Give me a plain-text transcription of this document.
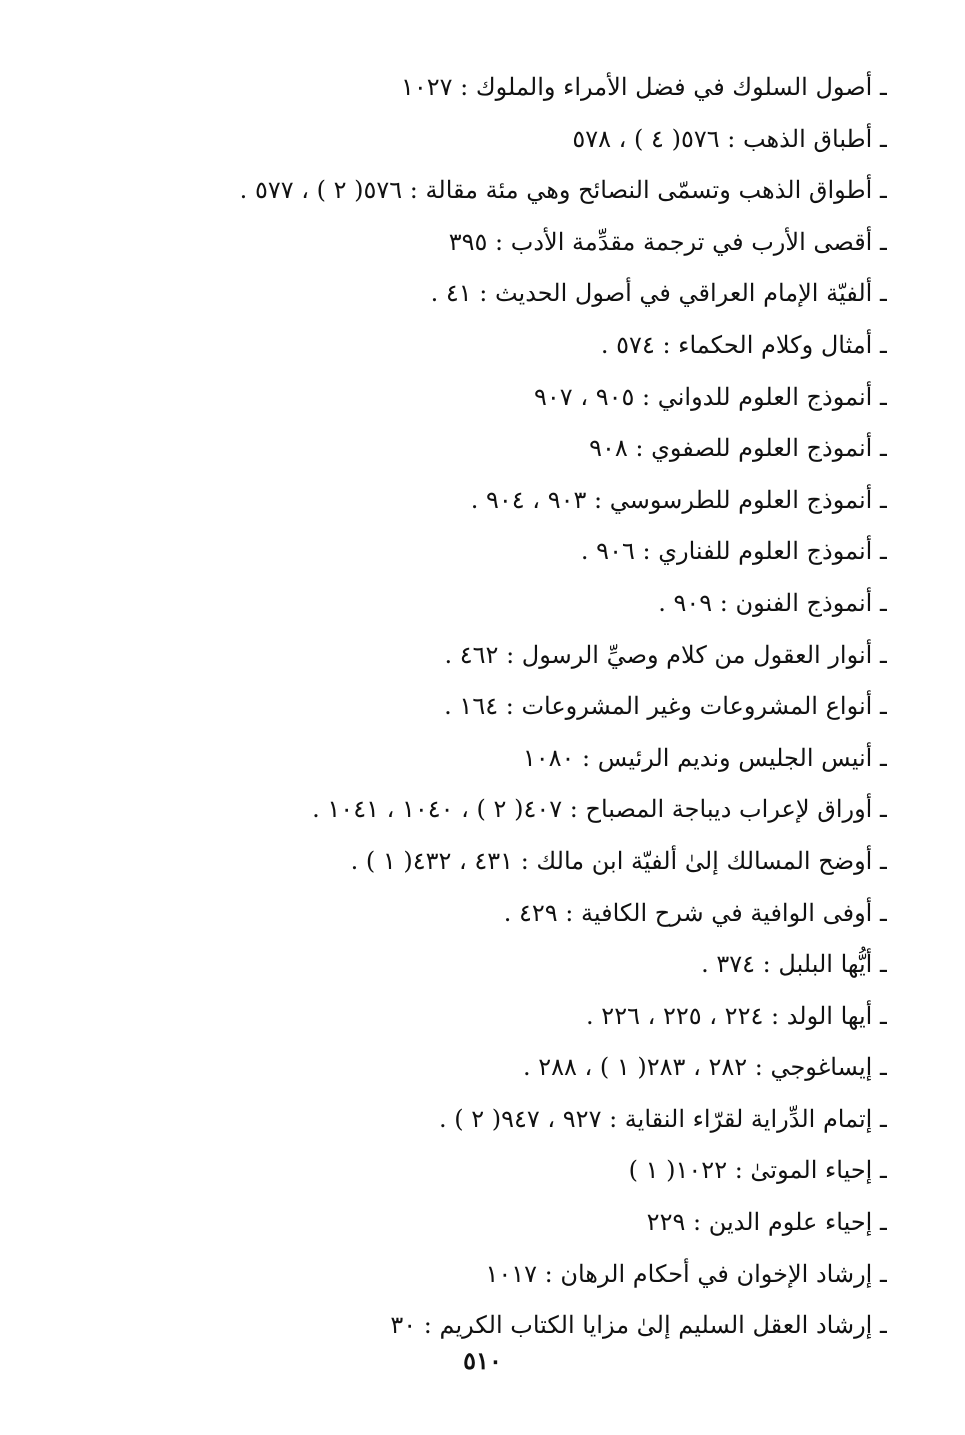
ـ أصول السلوك في فضل الأمراء والملوك : ١٠٢٧
ـ أطباق الذهب : ٥٧٦( ٤ ) ، ٥٧٨
ـ أطواق الذهب وتسمّى النصائح وهي مئة مقالة : ٥٧٦( ٢ ) ، ٥٧٧ .
ـ أقصى الأرب في ترجمة مقدِّمة الأدب : ٣٩٥
ـ ألفيّة الإمام العراقي في أصول الحديث : ٤١ .
ـ أمثال وكلام الحكماء : ٥٧٤ .
ـ أنموذج العلوم للدواني : ٩٠٥ ، ٩٠٧
ـ أنموذج العلوم للصفوي : ٩٠٨
ـ أنموذج العلوم للطرسوسي : ٩٠٣ ، ٩٠٤ .
ـ أنموذج العلوم للفناري : ٩٠٦ .
ـ أنموذج الفنون : ٩٠٩ .
ـ أنوار العقول من كلام وصيِّ الرسول : ٤٦٢ .
ـ أنواع المشروعات وغير المشروعات : ١٦٤ .
ـ أنيس الجليس ونديم الرئيس : ١٠٨٠
ـ أوراق لإعراب ديباجة المصباح : ٤٠٧( ٢ ) ، ١٠٤٠ ، ١٠٤١ .
ـ أوضح المسالك إلىٰ ألفيّة ابن مالك : ٤٣١ ، ٤٣٢( ١ ) .
ـ أوفى الوافية في شرح الكافية : ٤٢٩ .
ـ أيُّها البلبل : ٣٧٤ .
ـ أيها الولد : ٢٢٤ ، ٢٢٥ ، ٢٢٦ .
ـ إيساغوجي : ٢٨٢ ، ٢٨٣( ١ ) ، ٢٨٨ .
ـ إتمام الدِّراية لقرّاء النقاية : ٩٢٧ ، ٩٤٧( ٢ ) .
ـ إحياء الموتىٰ : ١٠٢٢( ١ )
ـ إحياء علوم الدين : ٢٢٩
ـ إرشاد الإخوان في أحكام الرهان : ١٠١٧
ـ إرشاد العقل السليم إلىٰ مزايا الكتاب الكريم : ٣٠
٥١٠
